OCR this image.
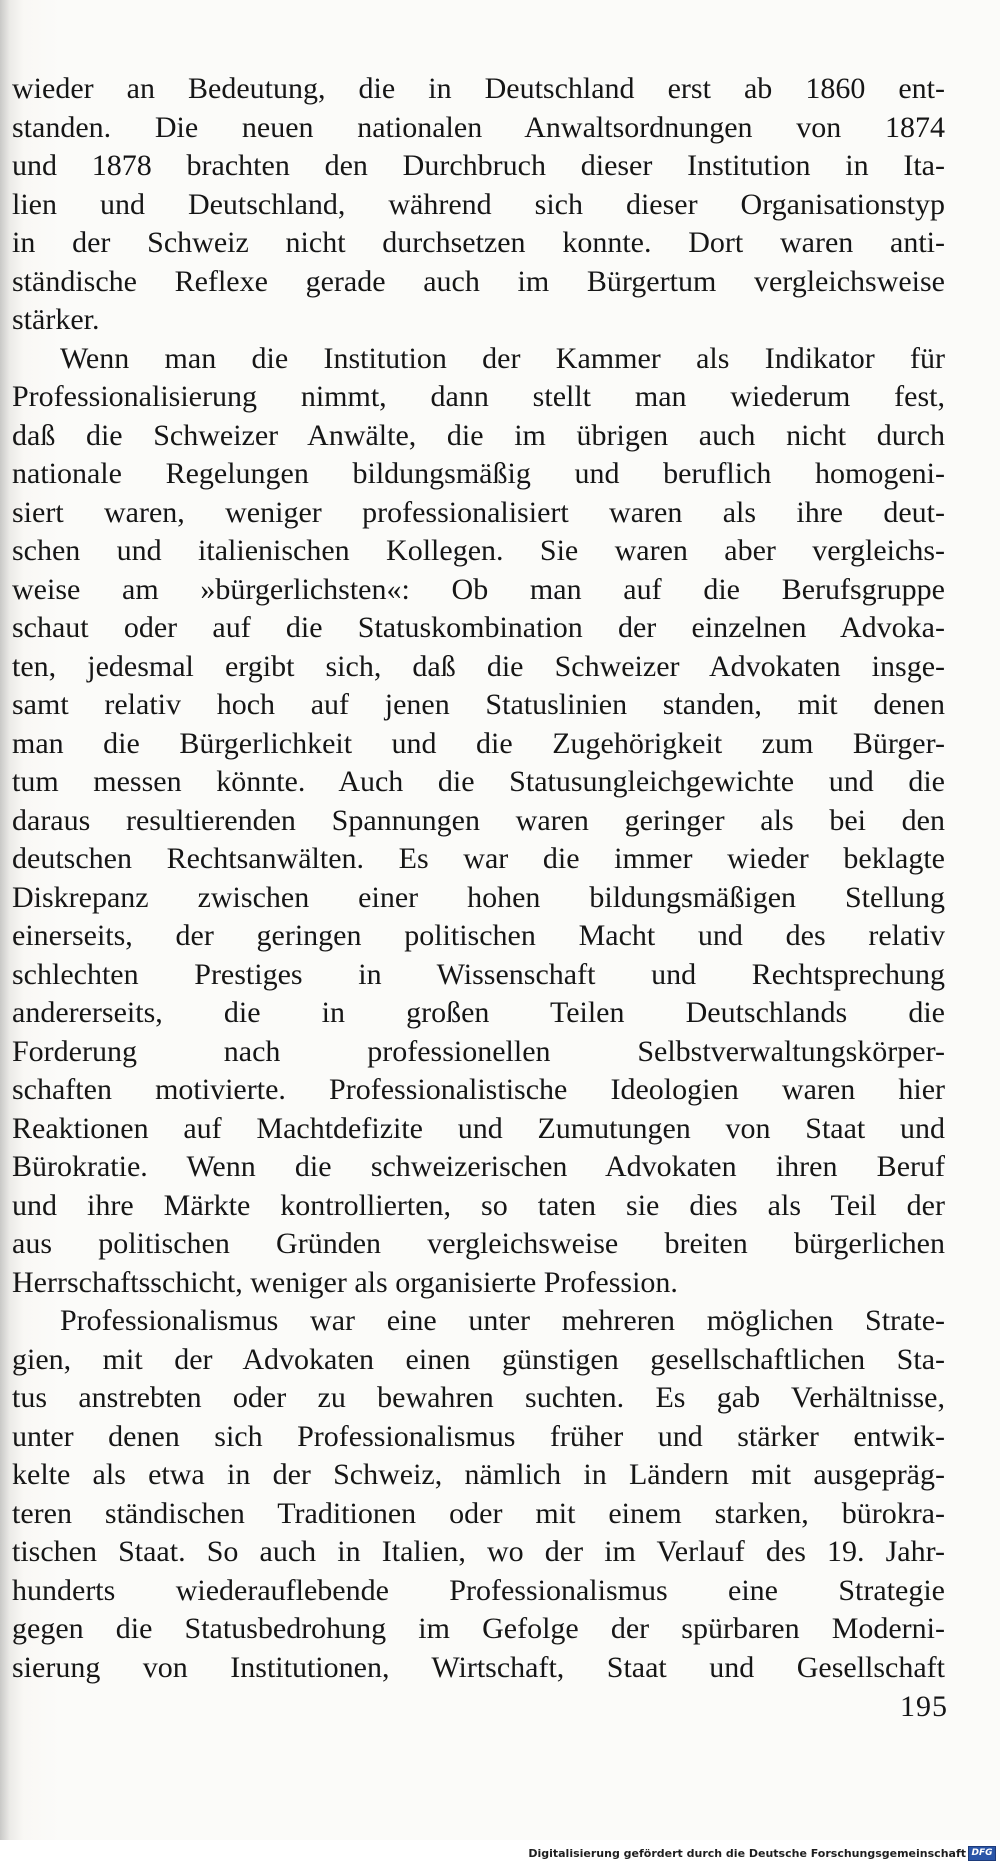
wieder an Bedeutung, die in Deutschland erst ab 1860 ent-
standen. Die neuen nationalen Anwaltsordnungen von 1874
und 1878 brachten den Durchbruch dieser Institution in Ita-
lien und Deutschland, während sich dieser Organisationstyp
in der Schweiz nicht durchsetzen konnte. Dort waren anti-
ständische Reflexe gerade auch im Bürgertum vergleichsweise
stärker.
Wenn man die Institution der Kammer als Indikator für
Professionalisierung nimmt, dann stellt man wiederum fest,
daß die Schweizer Anwälte, die im übrigen auch nicht durch
nationale Regelungen bildungsmäßig und beruflich homogeni-
siert waren, weniger professionalisiert waren als ihre deut-
schen und italienischen Kollegen. Sie waren aber vergleichs-
weise am »bürgerlichsten«: Ob man auf die Berufsgruppe
schaut oder auf die Statuskombination der einzelnen Advoka-
ten, jedesmal ergibt sich, daß die Schweizer Advokaten insge-
samt relativ hoch auf jenen Statuslinien standen, mit denen
man die Bürgerlichkeit und die Zugehörigkeit zum Bürger-
tum messen könnte. Auch die Statusungleichgewichte und die
daraus resultierenden Spannungen waren geringer als bei den
deutschen Rechtsanwälten. Es war die immer wieder beklagte
Diskrepanz zwischen einer hohen bildungsmäßigen Stellung
einerseits, der geringen politischen Macht und des relativ
schlechten Prestiges in Wissenschaft und Rechtsprechung
andererseits, die in großen Teilen Deutschlands die
Forderung nach professionellen Selbstverwaltungskörper-
schaften motivierte. Professionalistische Ideologien waren hier
Reaktionen auf Machtdefizite und Zumutungen von Staat und
Bürokratie. Wenn die schweizerischen Advokaten ihren Beruf
und ihre Märkte kontrollierten, so taten sie dies als Teil der
aus politischen Gründen vergleichsweise breiten bürgerlichen
Herrschaftsschicht, weniger als organisierte Profession.
Professionalismus war eine unter mehreren möglichen Strate-
gien, mit der Advokaten einen günstigen gesellschaftlichen Sta-
tus anstrebten oder zu bewahren suchten. Es gab Verhältnisse,
unter denen sich Professionalismus früher und stärker entwik-
kelte als etwa in der Schweiz, nämlich in Ländern mit ausgepräg-
teren ständischen Traditionen oder mit einem starken, bürokra-
tischen Staat. So auch in Italien, wo der im Verlauf des 19. Jahr-
hunderts wiederauflebende Professionalismus eine Strategie
gegen die Statusbedrohung im Gefolge der spürbaren Moderni-
sierung von Institutionen, Wirtschaft, Staat und Gesellschaft
195
Digitalisierung gefördert durch die Deutsche Forschungsgemeinschaft DFG
